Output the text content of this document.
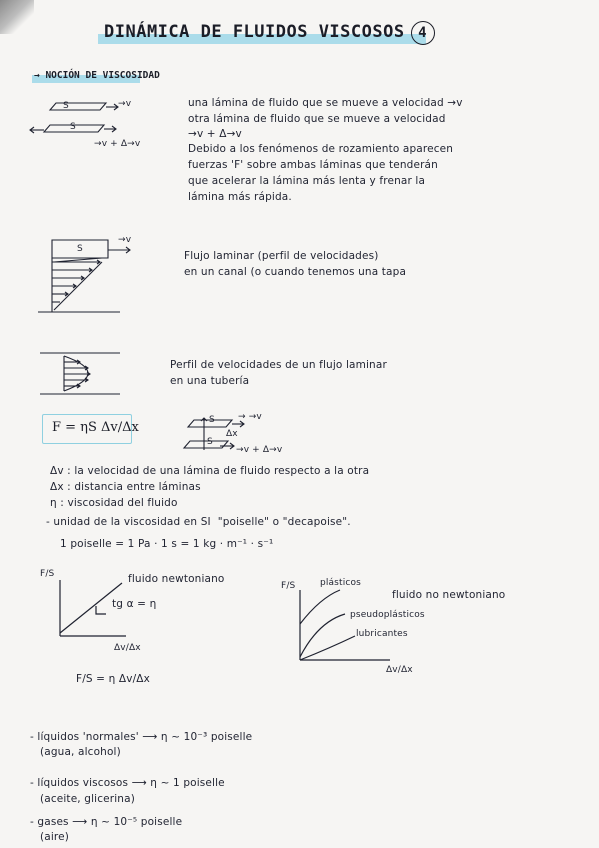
DINÁMICA DE FLUIDOS VISCOSOS 4
→ NOCIÓN DE VISCOSIDAD
S
S
→v
→v + Δ→v
una lámina de fluido que se mueve a velocidad →v
otra lámina de fluido que se mueve a velocidad
→v + Δ→v
Debido a los fenómenos de rozamiento aparecen
fuerzas 'F' sobre ambas láminas que tenderán
que acelerar la lámina más lenta y frenar la
lámina más rápida.
S
→v
Flujo laminar (perfil de velocidades)
en un canal (o cuando tenemos una tapa
Perfil de velocidades de un flujo laminar
en una tubería
F = ηS Δv/Δx	S
S
→ →v
Δx
→v + Δ→v
Δv : la velocidad de una lámina de fluido respecto a la otra
Δx : distancia entre láminas
η : viscosidad del fluido
- unidad de la viscosidad en SI  "poiselle" o "decapoise".
1 poiselle = 1 Pa · 1 s = 1 kg · m⁻¹ · s⁻¹
F/S	fluido newtoniano
tg α = η
Δv/Δx
F/S = η Δv/Δx
F/S	plásticos
fluido no newtoniano
pseudoplásticos
lubricantes
Δv/Δx
- líquidos 'normales' ⟶ η ~ 10⁻³ poiselle
(agua, alcohol)
- líquidos viscosos ⟶ η ~ 1 poiselle
(aceite, glicerina)
- gases ⟶ η ~ 10⁻⁵ poiselle
(aire)
